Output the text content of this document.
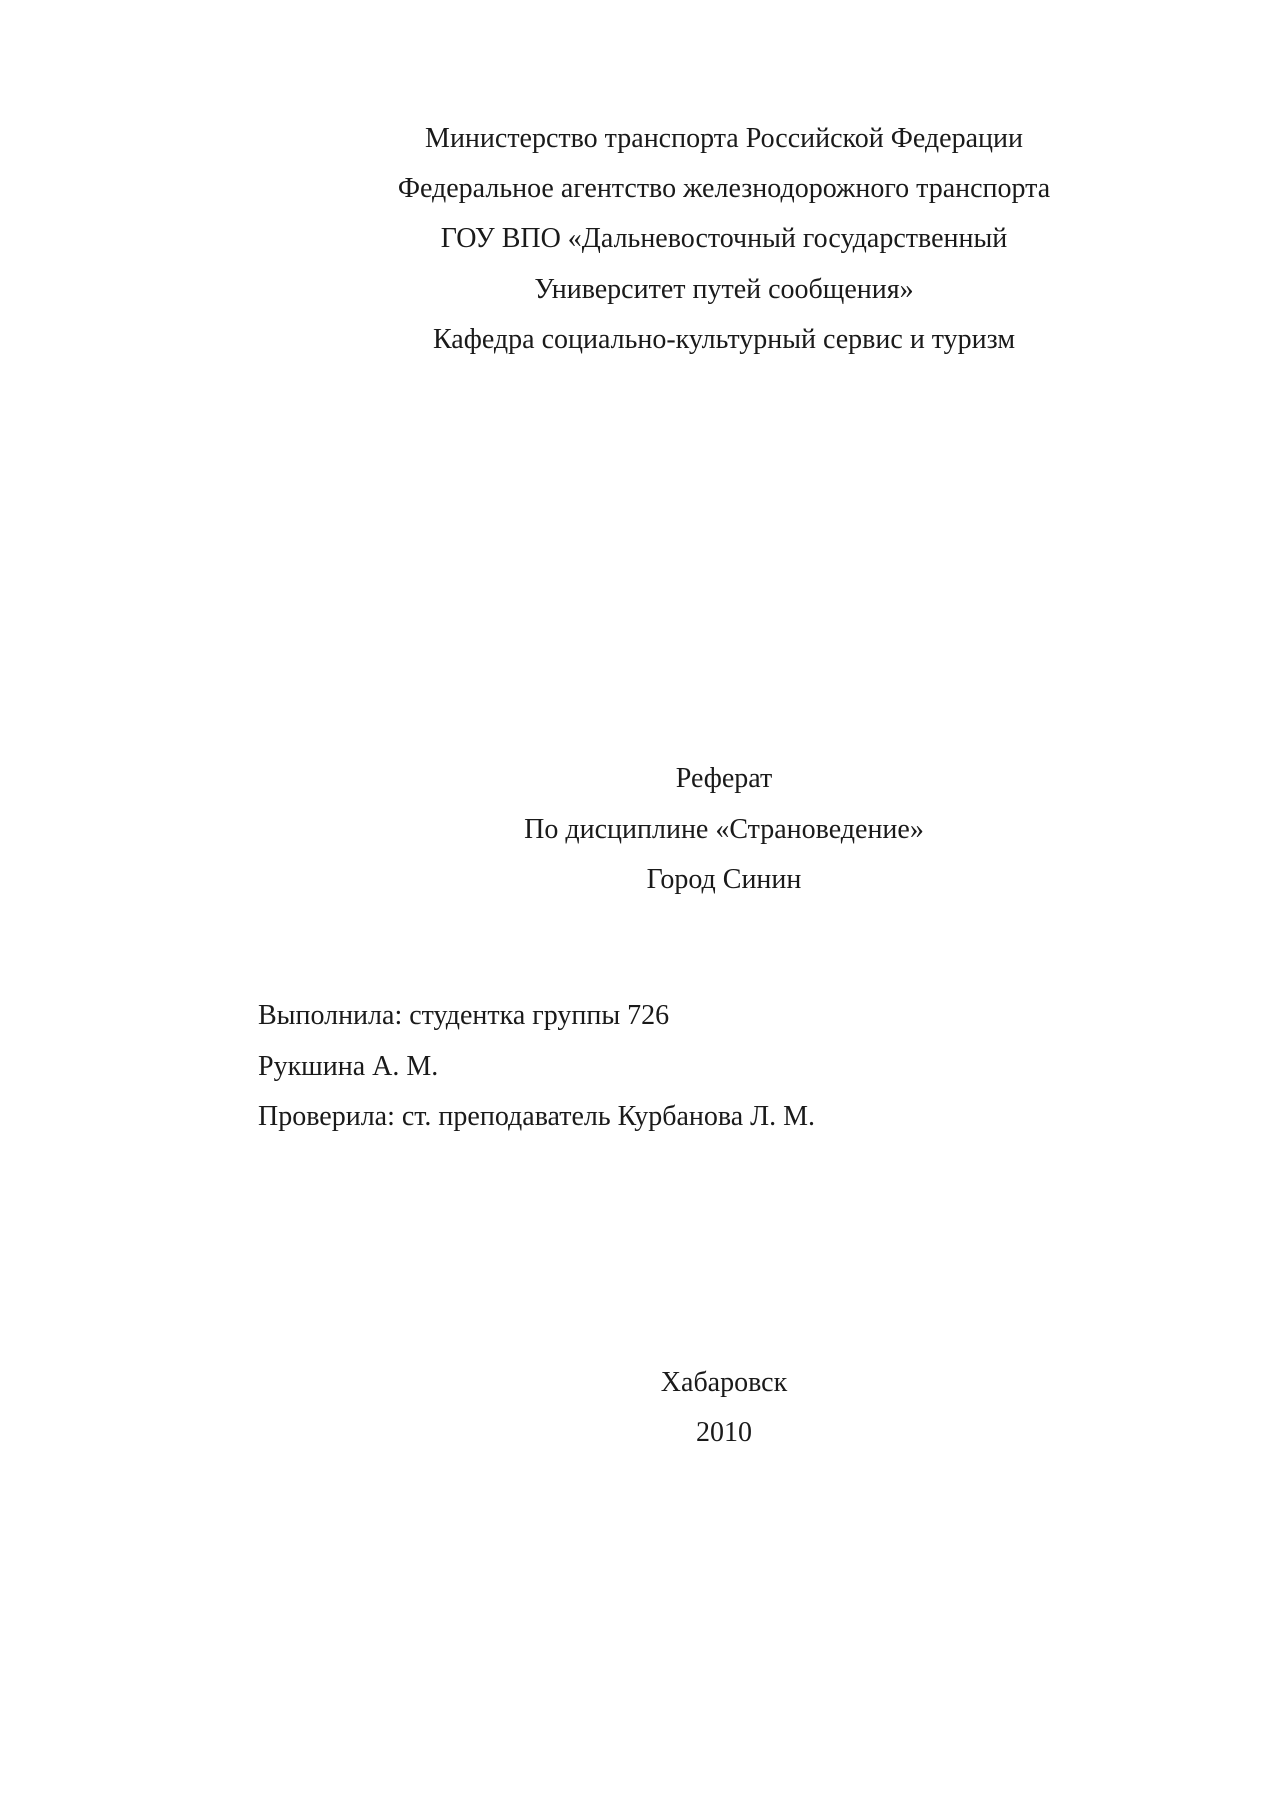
Министерство транспорта Российской Федерации
Федеральное агентство железнодорожного транспорта
ГОУ ВПО «Дальневосточный государственный
Университет путей сообщения»
Кафедра социально-культурный сервис и туризм
Реферат
По дисциплине «Страноведение»
Город Синин
Выполнила: студентка группы 726
Рукшина А. М.
Проверила: ст. преподаватель Курбанова Л. М.
Хабаровск
2010
